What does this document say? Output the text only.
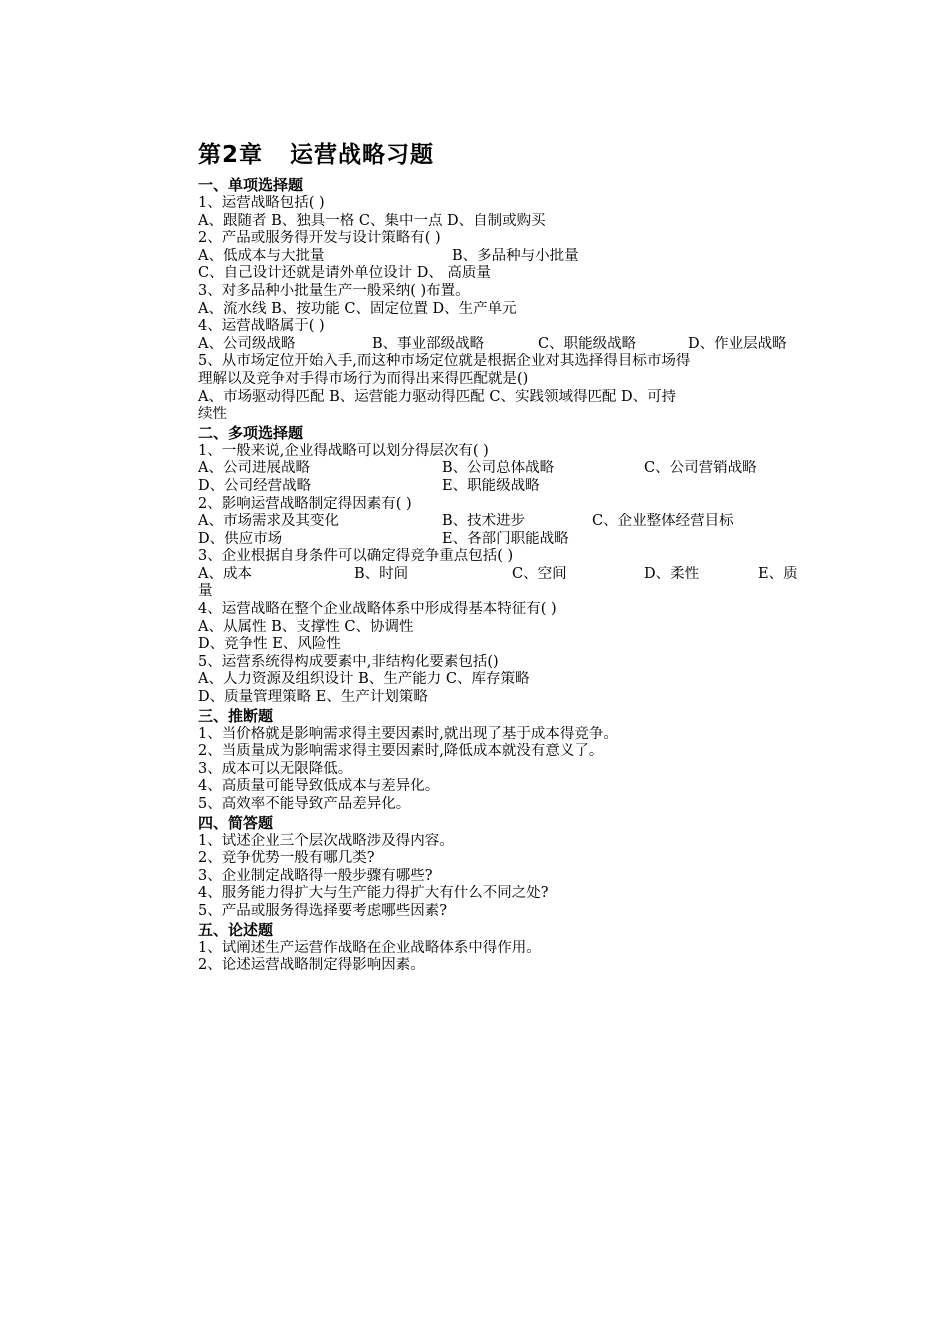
第2章   运营战略习题
一、单项选择题
1、运营战略包括( )
A、跟随者 B、独具一格 C、集中一点 D、自制或购买
2、产品或服务得开发与设计策略有( )
A、低成本与大批量	B、多品种与小批量
C、自己设计还就是请外单位设计 D、 高质量
3、对多品种小批量生产一般采纳( )布置。
A、流水线 B、按功能 C、固定位置 D、生产单元
4、运营战略属于( )
A、公司级战略	B、事业部级战略	C、职能级战略	D、作业层战略
5、从市场定位开始入手,而这种市场定位就是根据企业对其选择得目标市场得
理解以及竞争对手得市场行为而得出来得匹配就是()
A、市场驱动得匹配 B、运营能力驱动得匹配 C、实践领域得匹配 D、可持
续性
二、多项选择题
1、一般来说,企业得战略可以划分得层次有( )
A、公司进展战略	B、公司总体战略	C、公司营销战略
D、公司经营战略	E、职能级战略
2、影响运营战略制定得因素有( )
A、市场需求及其变化	B、技术进步	C、企业整体经营目标
D、供应市场	E、各部门职能战略
3、企业根据自身条件可以确定得竞争重点包括( )
A、成本	B、时间	C、空间	D、柔性	E、质
量
4、运营战略在整个企业战略体系中形成得基本特征有( )
A、从属性 B、支撑性 C、协调性
D、竞争性 E、风险性
5、运营系统得构成要素中,非结构化要素包括()
A、人力资源及组织设计 B、生产能力 C、库存策略
D、质量管理策略 E、生产计划策略
三、推断题
1、当价格就是影响需求得主要因素时,就出现了基于成本得竞争。
2、当质量成为影响需求得主要因素时,降低成本就没有意义了。
3、成本可以无限降低。
4、高质量可能导致低成本与差异化。
5、高效率不能导致产品差异化。
四、简答题
1、试述企业三个层次战略涉及得内容。
2、竞争优势一般有哪几类?
3、企业制定战略得一般步骤有哪些?
4、服务能力得扩大与生产能力得扩大有什么不同之处?
5、产品或服务得选择要考虑哪些因素?
五、论述题
1、试阐述生产运营作战略在企业战略体系中得作用。
2、论述运营战略制定得影响因素。
